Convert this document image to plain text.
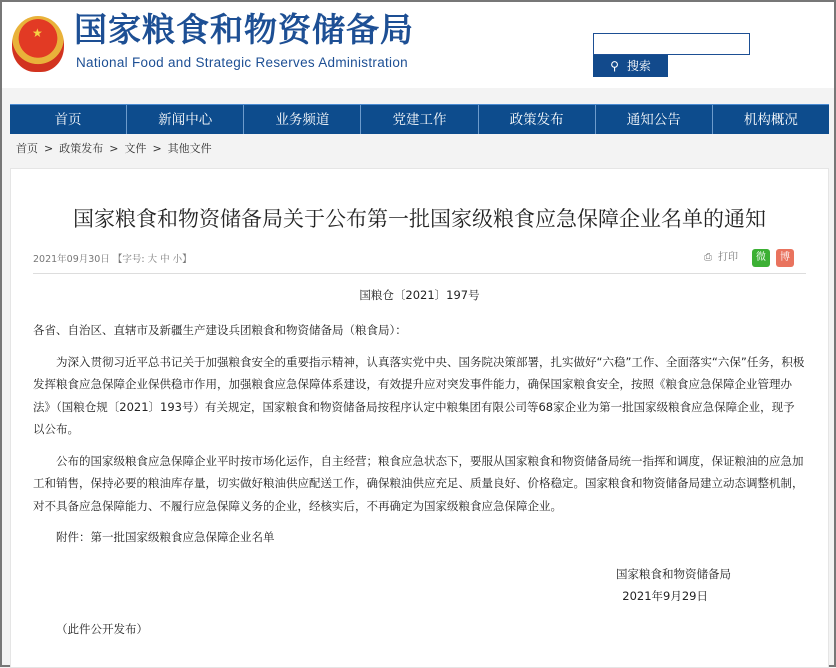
★ 国家粮食和物资储备局
National Food and Strategic Reserves Administration	⚲ 搜索
首页	新闻中心	业务频道	党建工作	政策发布	通知公告	机构概况
首页 > 政策发布 > 文件 > 其他文件
国家粮食和物资储备局关于公布第一批国家级粮食应急保障企业名单的通知
2021年09月30日 【字号: 大 中 小】	⎙ 打印	微	博
国粮仓〔2021〕197号

各省、自治区、直辖市及新疆生产建设兵团粮食和物资储备局（粮食局）：

为深入贯彻习近平总书记关于加强粮食安全的重要指示精神，认真落实党中央、国务院决策部署，扎实做好“六稳”工作、全面落实“六保”任务，积极发挥粮食应急保障企业保供稳市作用，加强粮食应急保障体系建设，有效提升应对突发事件能力，确保国家粮食安全，按照《粮食应急保障企业管理办法》（国粮仓规〔2021〕193号）有关规定，国家粮食和物资储备局按程序认定中粮集团有限公司等68家企业为第一批国家级粮食应急保障企业，现予以公布。

公布的国家级粮食应急保障企业平时按市场化运作，自主经营；粮食应急状态下，要服从国家粮食和物资储备局统一指挥和调度，保证粮油的应急加工和销售，保持必要的粮油库存量，切实做好粮油供应配送工作，确保粮油供应充足、质量良好、价格稳定。国家粮食和物资储备局建立动态调整机制，对不具备应急保障能力、不履行应急保障义务的企业，经核实后，不再确定为国家级粮食应急保障企业。

附件：第一批国家级粮食应急保障企业名单

国家粮食和物资储备局

2021年9月29日

（此件公开发布）
